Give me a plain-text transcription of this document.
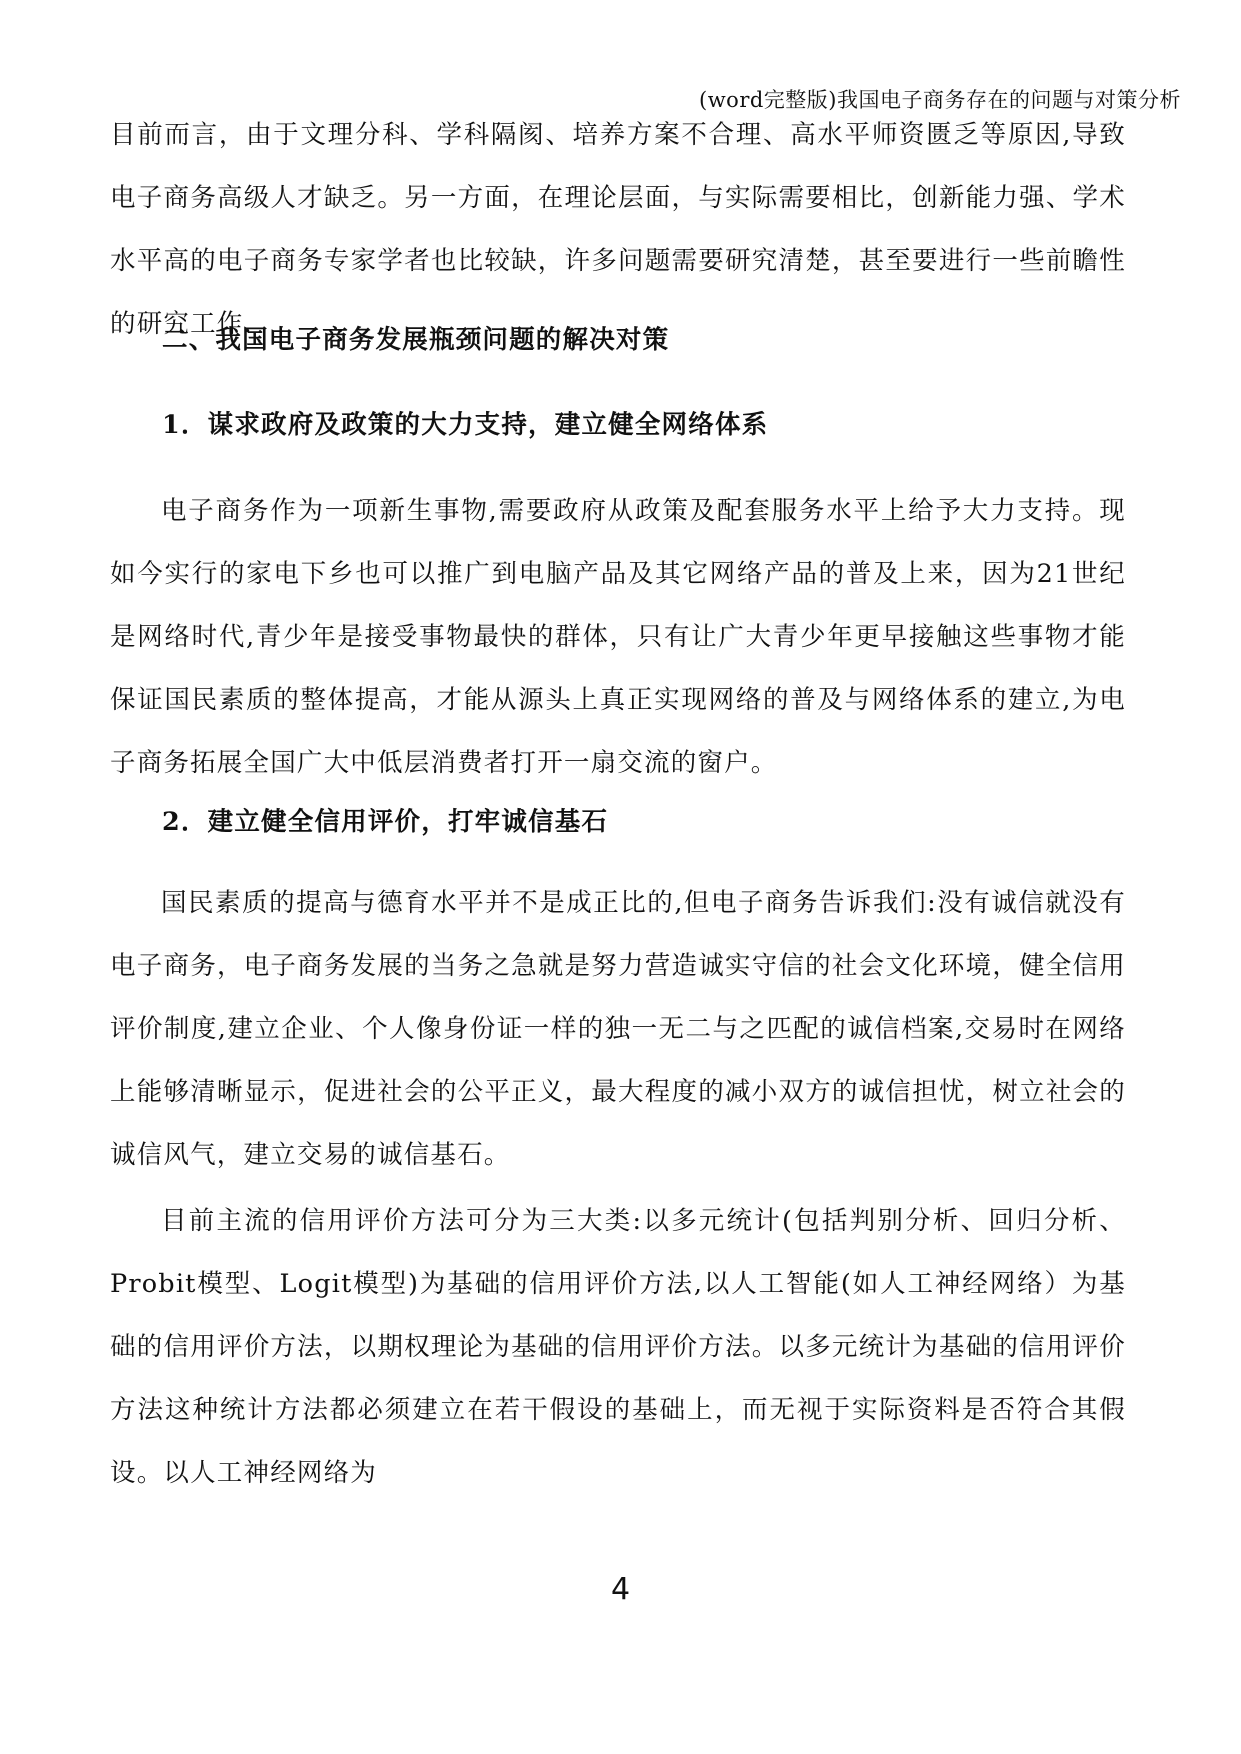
(word完整版)我国电子商务存在的问题与对策分析

目前而言，由于文理分科、学科隔阂、培养方案不合理、高水平师资匮乏等原因,导致电子商务高级人才缺乏。另一方面，在理论层面，与实际需要相比，创新能力强、学术水平高的电子商务专家学者也比较缺，许多问题需要研究清楚，甚至要进行一些前瞻性的研究工作.

二、我国电子商务发展瓶颈问题的解决对策

1．谋求政府及政策的大力支持，建立健全网络体系

电子商务作为一项新生事物,需要政府从政策及配套服务水平上给予大力支持。现如今实行的家电下乡也可以推广到电脑产品及其它网络产品的普及上来，因为21世纪是网络时代,青少年是接受事物最快的群体，只有让广大青少年更早接触这些事物才能保证国民素质的整体提高，才能从源头上真正实现网络的普及与网络体系的建立,为电子商务拓展全国广大中低层消费者打开一扇交流的窗户。

2．建立健全信用评价，打牢诚信基石

国民素质的提高与德育水平并不是成正比的,但电子商务告诉我们:没有诚信就没有电子商务，电子商务发展的当务之急就是努力营造诚实守信的社会文化环境，健全信用评价制度,建立企业、个人像身份证一样的独一无二与之匹配的诚信档案,交易时在网络上能够清晰显示，促进社会的公平正义，最大程度的减小双方的诚信担忧，树立社会的诚信风气，建立交易的诚信基石。

目前主流的信用评价方法可分为三大类:以多元统计(包括判别分析、回归分析、Probit模型、Logit模型)为基础的信用评价方法,以人工智能(如人工神经网络）为基础的信用评价方法，以期权理论为基础的信用评价方法。以多元统计为基础的信用评价方法这种统计方法都必须建立在若干假设的基础上，而无视于实际资料是否符合其假设。以人工神经网络为

4
